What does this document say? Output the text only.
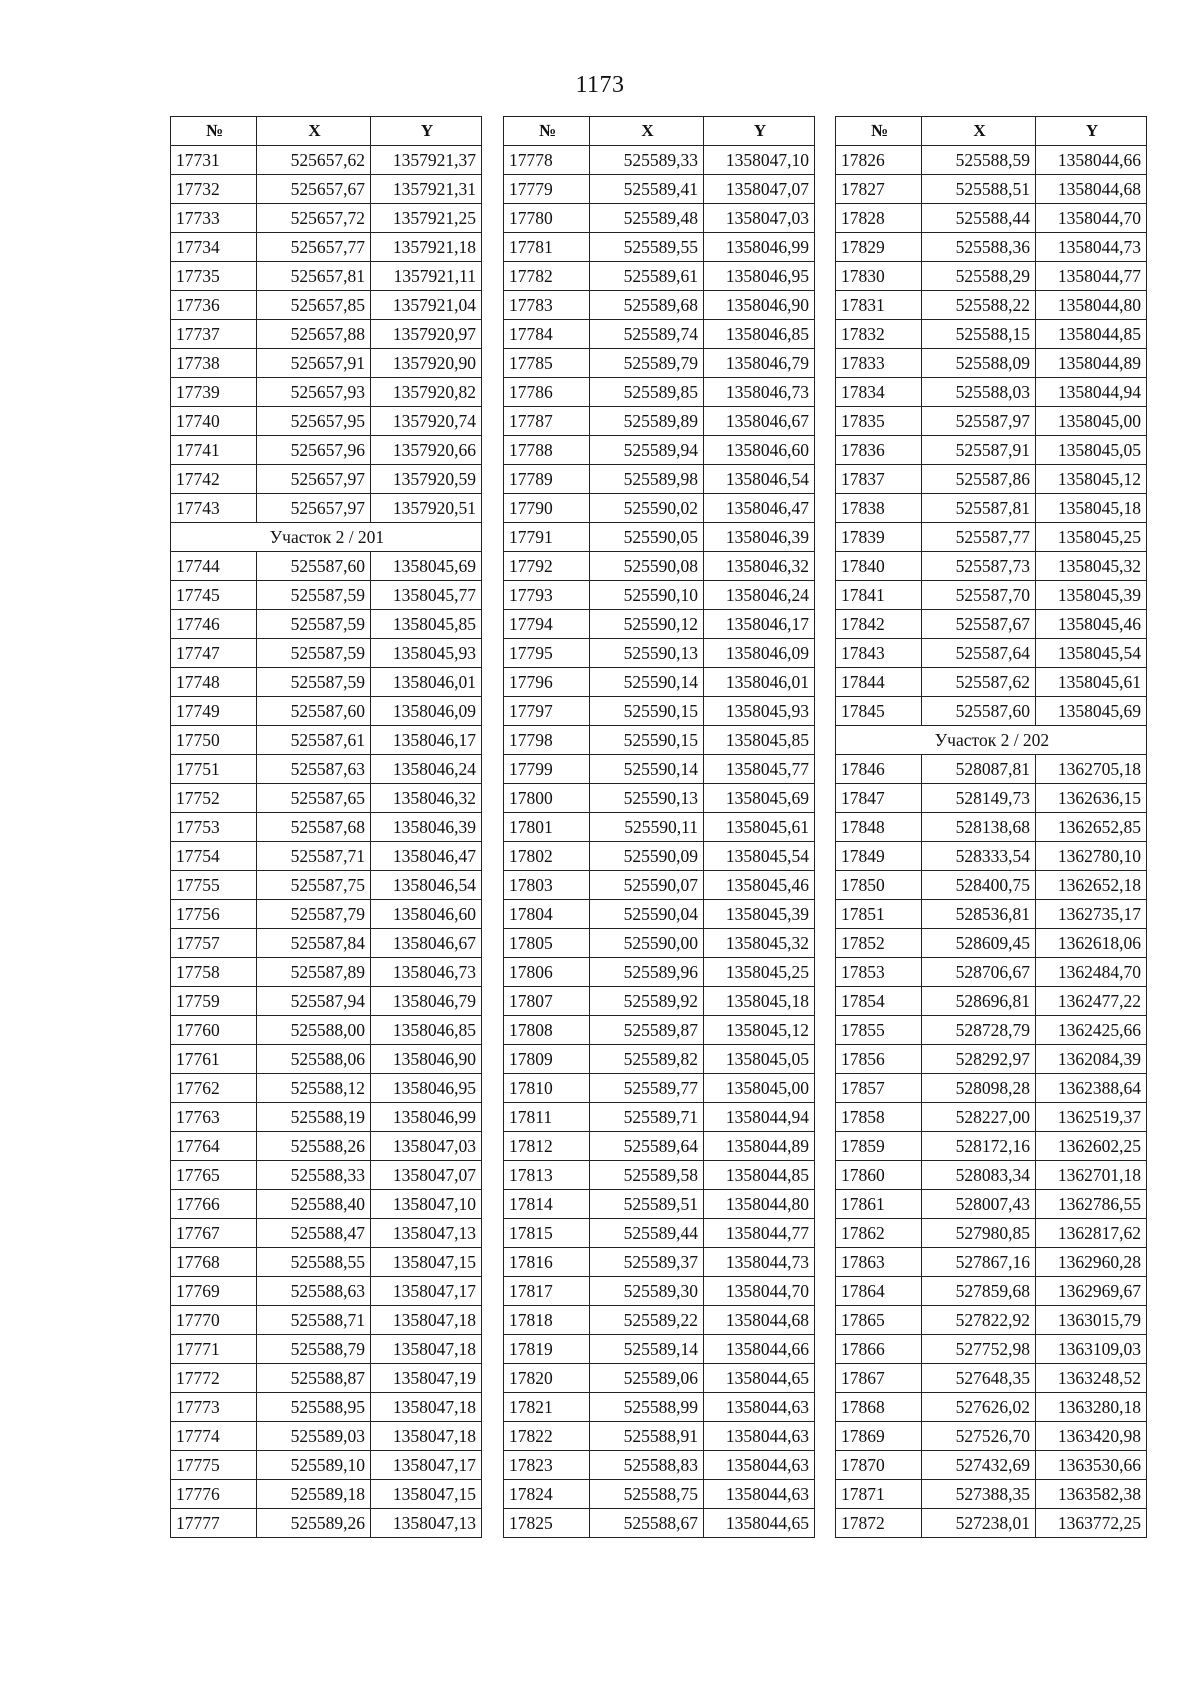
1173
№	X	Y
17731	525657,62	1357921,37
17732	525657,67	1357921,31
17733	525657,72	1357921,25
17734	525657,77	1357921,18
17735	525657,81	1357921,11
17736	525657,85	1357921,04
17737	525657,88	1357920,97
17738	525657,91	1357920,90
17739	525657,93	1357920,82
17740	525657,95	1357920,74
17741	525657,96	1357920,66
17742	525657,97	1357920,59
17743	525657,97	1357920,51
Участок 2 / 201		
17744	525587,60	1358045,69
17745	525587,59	1358045,77
17746	525587,59	1358045,85
17747	525587,59	1358045,93
17748	525587,59	1358046,01
17749	525587,60	1358046,09
17750	525587,61	1358046,17
17751	525587,63	1358046,24
17752	525587,65	1358046,32
17753	525587,68	1358046,39
17754	525587,71	1358046,47
17755	525587,75	1358046,54
17756	525587,79	1358046,60
17757	525587,84	1358046,67
17758	525587,89	1358046,73
17759	525587,94	1358046,79
17760	525588,00	1358046,85
17761	525588,06	1358046,90
17762	525588,12	1358046,95
17763	525588,19	1358046,99
17764	525588,26	1358047,03
17765	525588,33	1358047,07
17766	525588,40	1358047,10
17767	525588,47	1358047,13
17768	525588,55	1358047,15
17769	525588,63	1358047,17
17770	525588,71	1358047,18
17771	525588,79	1358047,18
17772	525588,87	1358047,19
17773	525588,95	1358047,18
17774	525589,03	1358047,18
17775	525589,10	1358047,17
17776	525589,18	1358047,15
17777	525589,26	1358047,13
№	X	Y
17778	525589,33	1358047,10
17779	525589,41	1358047,07
17780	525589,48	1358047,03
17781	525589,55	1358046,99
17782	525589,61	1358046,95
17783	525589,68	1358046,90
17784	525589,74	1358046,85
17785	525589,79	1358046,79
17786	525589,85	1358046,73
17787	525589,89	1358046,67
17788	525589,94	1358046,60
17789	525589,98	1358046,54
17790	525590,02	1358046,47
17791	525590,05	1358046,39
17792	525590,08	1358046,32
17793	525590,10	1358046,24
17794	525590,12	1358046,17
17795	525590,13	1358046,09
17796	525590,14	1358046,01
17797	525590,15	1358045,93
17798	525590,15	1358045,85
17799	525590,14	1358045,77
17800	525590,13	1358045,69
17801	525590,11	1358045,61
17802	525590,09	1358045,54
17803	525590,07	1358045,46
17804	525590,04	1358045,39
17805	525590,00	1358045,32
17806	525589,96	1358045,25
17807	525589,92	1358045,18
17808	525589,87	1358045,12
17809	525589,82	1358045,05
17810	525589,77	1358045,00
17811	525589,71	1358044,94
17812	525589,64	1358044,89
17813	525589,58	1358044,85
17814	525589,51	1358044,80
17815	525589,44	1358044,77
17816	525589,37	1358044,73
17817	525589,30	1358044,70
17818	525589,22	1358044,68
17819	525589,14	1358044,66
17820	525589,06	1358044,65
17821	525588,99	1358044,63
17822	525588,91	1358044,63
17823	525588,83	1358044,63
17824	525588,75	1358044,63
17825	525588,67	1358044,65
№	X	Y
17826	525588,59	1358044,66
17827	525588,51	1358044,68
17828	525588,44	1358044,70
17829	525588,36	1358044,73
17830	525588,29	1358044,77
17831	525588,22	1358044,80
17832	525588,15	1358044,85
17833	525588,09	1358044,89
17834	525588,03	1358044,94
17835	525587,97	1358045,00
17836	525587,91	1358045,05
17837	525587,86	1358045,12
17838	525587,81	1358045,18
17839	525587,77	1358045,25
17840	525587,73	1358045,32
17841	525587,70	1358045,39
17842	525587,67	1358045,46
17843	525587,64	1358045,54
17844	525587,62	1358045,61
17845	525587,60	1358045,69
Участок 2 / 202		
17846	528087,81	1362705,18
17847	528149,73	1362636,15
17848	528138,68	1362652,85
17849	528333,54	1362780,10
17850	528400,75	1362652,18
17851	528536,81	1362735,17
17852	528609,45	1362618,06
17853	528706,67	1362484,70
17854	528696,81	1362477,22
17855	528728,79	1362425,66
17856	528292,97	1362084,39
17857	528098,28	1362388,64
17858	528227,00	1362519,37
17859	528172,16	1362602,25
17860	528083,34	1362701,18
17861	528007,43	1362786,55
17862	527980,85	1362817,62
17863	527867,16	1362960,28
17864	527859,68	1362969,67
17865	527822,92	1363015,79
17866	527752,98	1363109,03
17867	527648,35	1363248,52
17868	527626,02	1363280,18
17869	527526,70	1363420,98
17870	527432,69	1363530,66
17871	527388,35	1363582,38
17872	527238,01	1363772,25
